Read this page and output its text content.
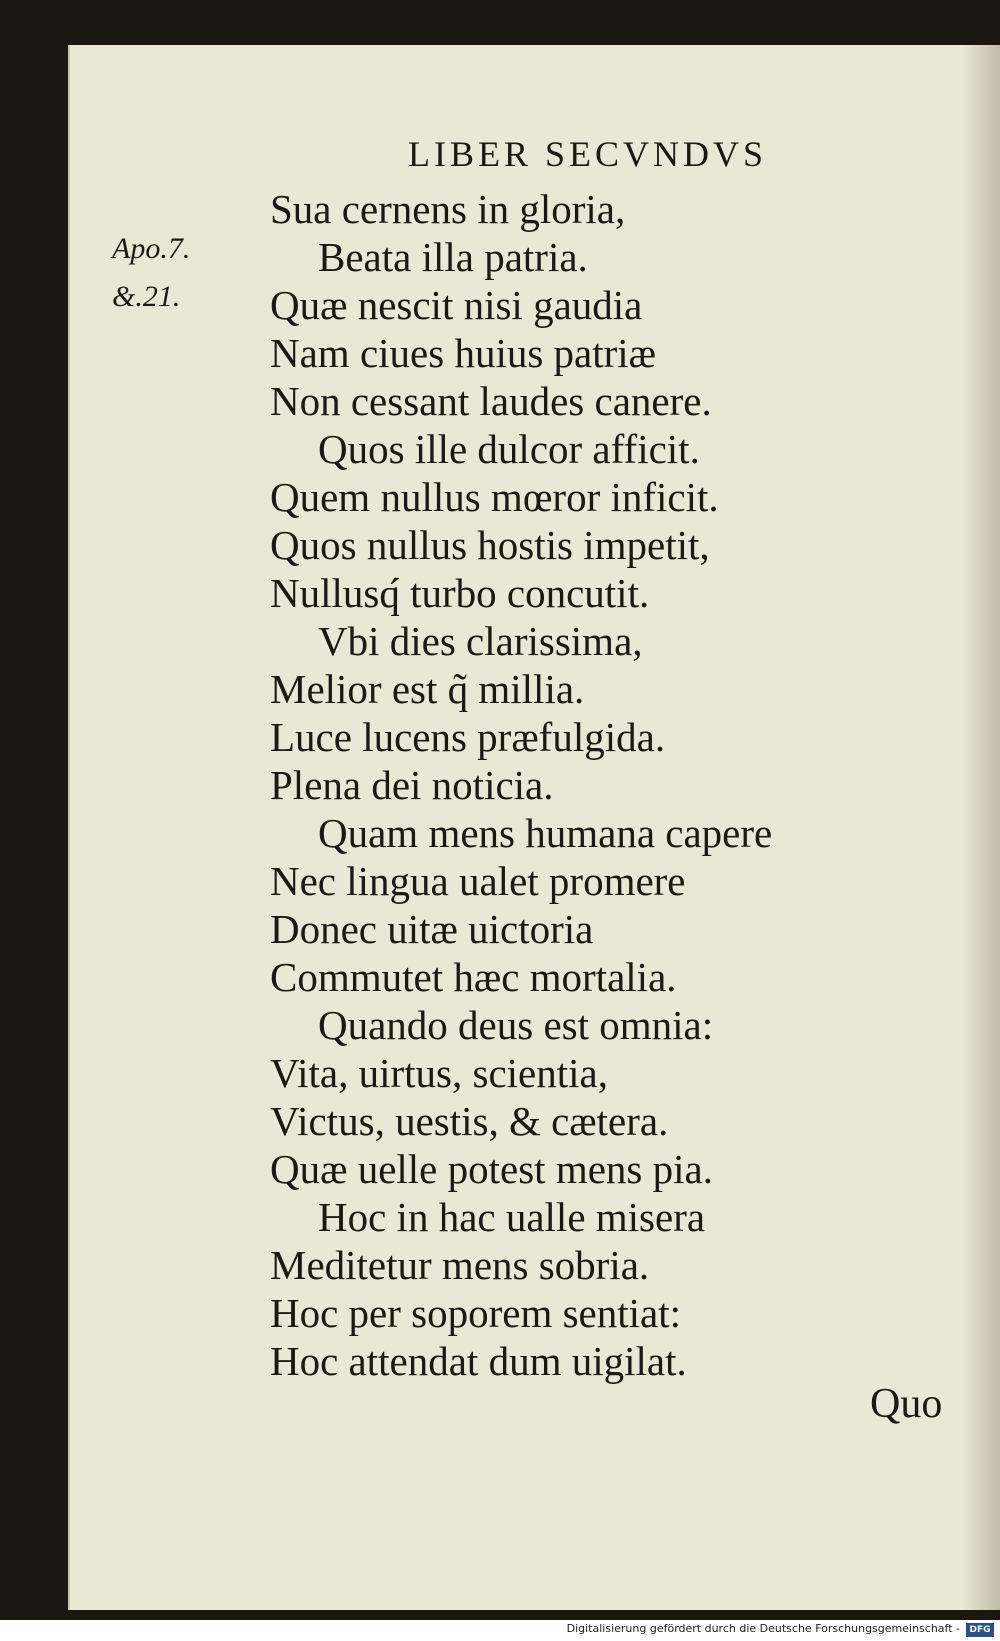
LIBER SECVNDVS
Apo.7.
&.21.
Sua cernens in gloria,
Beata illa patria.
Quæ nescit nisi gaudia
Nam ciues huius patriæ
Non cessant laudes canere.
Quos ille dulcor afficit.
Quem nullus mœror inficit.
Quos nullus hostis impetit,
Nullusq́ turbo concutit.
Vbi dies clarissima,
Melior est q̃ millia.
Luce lucens præfulgida.
Plena dei noticia.
Quam mens humana capere
Nec lingua ualet promere
Donec uitæ uictoria
Commutet hæc mortalia.
Quando deus est omnia:
Vita, uirtus, scientia,
Victus, uestis, & cætera.
Quæ uelle potest mens pia.
Hoc in hac ualle misera
Meditetur mens sobria.
Hoc per soporem sentiat:
Hoc attendat dum uigilat.
Quo
Digitalisierung gefördert durch die Deutsche Forschungsgemeinschaft -	DFG
